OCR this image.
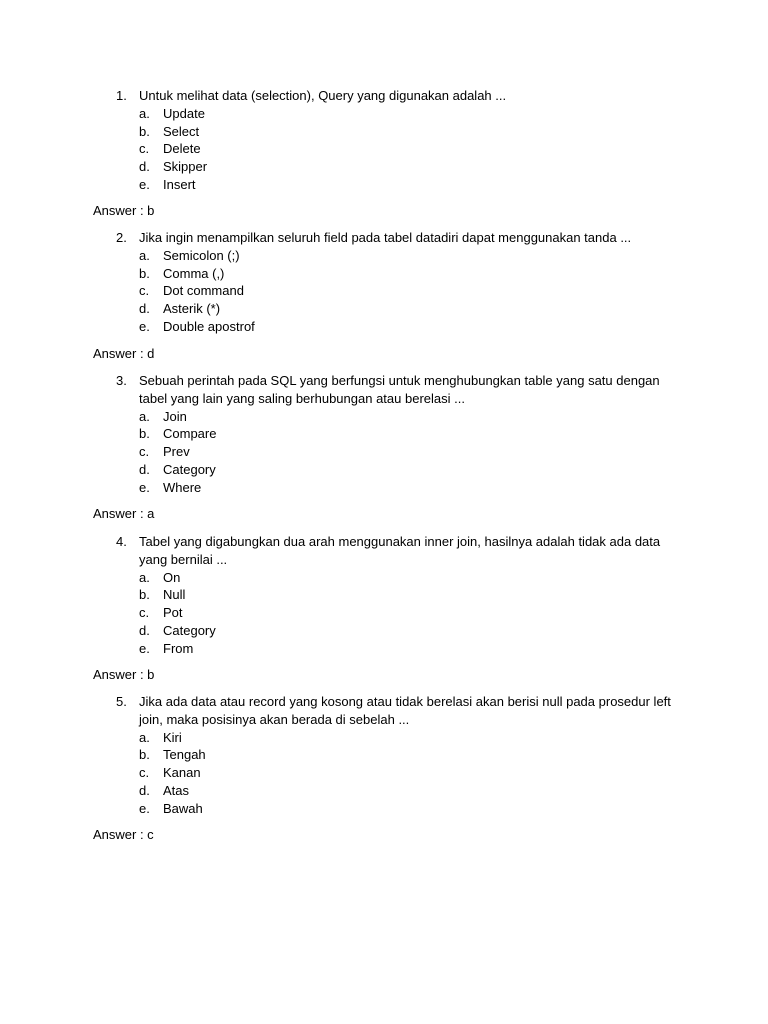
1. Untuk melihat data (selection), Query yang digunakan adalah ...
a. Update
b. Select
c. Delete
d. Skipper
e. Insert
Answer : b
2. Jika ingin menampilkan seluruh field pada tabel datadiri dapat menggunakan tanda ...
a. Semicolon (;)
b. Comma (,)
c. Dot command
d. Asterik (*)
e. Double apostrof
Answer : d
3. Sebuah perintah pada SQL yang berfungsi untuk menghubungkan table yang satu dengan
tabel yang lain yang saling berhubungan atau berelasi ...
a. Join
b. Compare
c. Prev
d. Category
e. Where
Answer : a
4. Tabel yang digabungkan dua arah menggunakan inner join, hasilnya adalah tidak ada data
yang bernilai ...
a. On
b. Null
c. Pot
d. Category
e. From
Answer : b
5. Jika ada data atau record yang kosong atau tidak berelasi akan berisi null pada prosedur left
join, maka posisinya akan berada di sebelah ...
a. Kiri
b. Tengah
c. Kanan
d. Atas
e. Bawah
Answer : c
